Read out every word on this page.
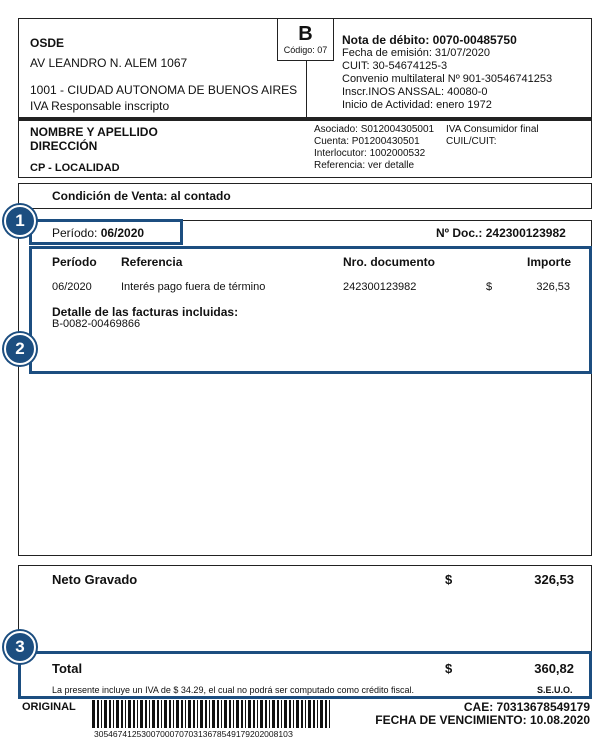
OSDE
AV LEANDRO N. ALEM 1067
1001 - CIUDAD AUTONOMA DE BUENOS AIRES
IVA Responsable inscripto
B
Código: 07
Nota de débito: 0070-00485750
Fecha de emisión: 31/07/2020
CUIT: 30-54674125-3
Convenio multilateral Nº 901-30546741253
Inscr.INOS ANSSAL: 40080-0
Inicio de Actividad: enero 1972
NOMBRE Y APELLIDO
DIRECCIÓN
CP - LOCALIDAD
Asociado: S012004305001
Cuenta: P01200430501
Interlocutor: 1002000532
Referencia: ver detalle
IVA Consumidor final
CUIL/CUIT:
Condición de Venta: al contado
Período: 06/2020	Nº Doc.: 242300123982
Período Referencia	Nro. documento	Importe
06/2020	Interés pago fuera de término	242300123982	$	326,53
Detalle de las facturas incluidas:
B-0082-00469866
Neto Gravado	$	326,53
Total	$	360,82
La presente incluye un IVA de $ 34.29, el cual no podrá ser computado como crédito fiscal.	S.E.U.O.
ORIGINAL
30546741253007000707031367854917920200810З
CAE: 70313678549179
FECHA DE VENCIMIENTO: 10.08.2020
1
2
3
